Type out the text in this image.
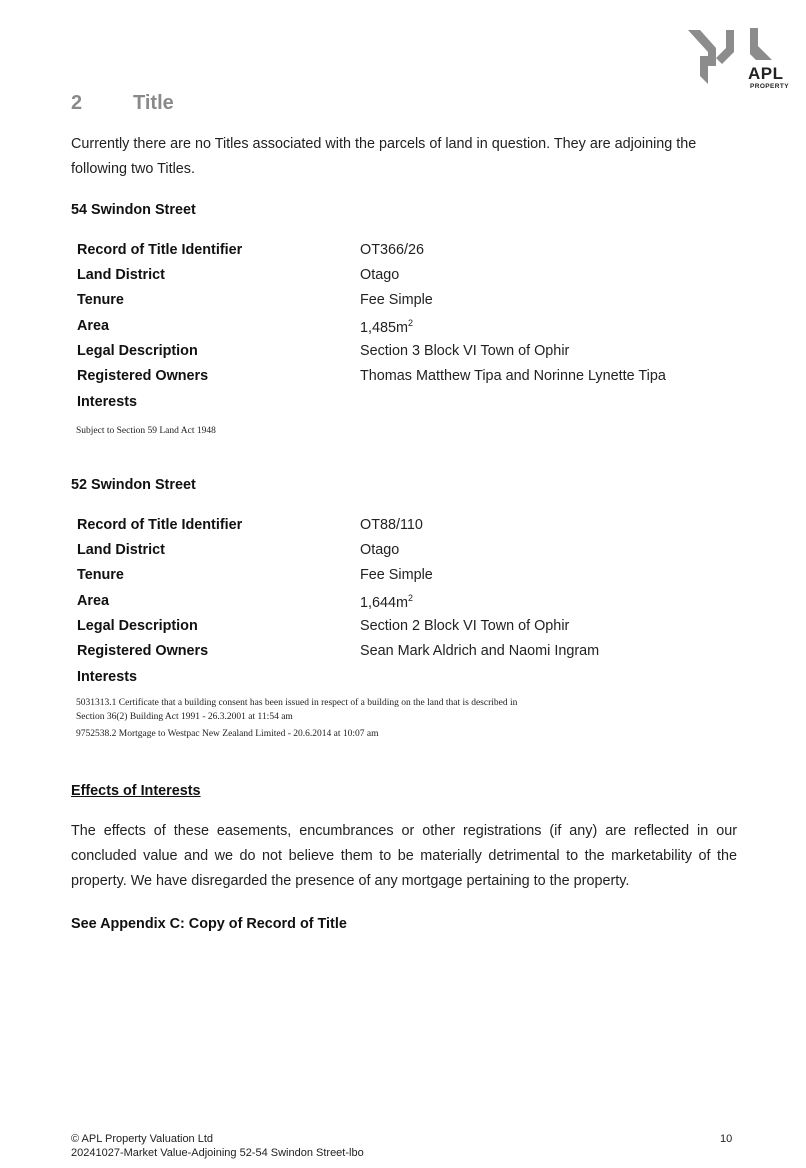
APL
PROPERTY
2	Title
Currently there are no Titles associated with the parcels of land in question. They are adjoining the following two Titles.
54 Swindon Street
Record of Title Identifier	OT366/26
Land District	Otago
Tenure	Fee Simple
Area	$1,485m^2$
Legal Description	Section 3 Block VI Town of Ophir
Registered Owners	Thomas Matthew Tipa and Norinne Lynette Tipa
Interests
Subject to Section 59 Land Act 1948
52 Swindon Street
Record of Title Identifier	OT88/110
Land District	Otago
Tenure	Fee Simple
Area	$1,644m^2$
Legal Description	Section 2 Block VI Town of Ophir
Registered Owners	Sean Mark Aldrich and Naomi Ingram
Interests
5031313.1 Certificate that a building consent has been issued in respect of a building on the land that is described in
Section 36(2) Building Act 1991 - 26.3.2001 at 11:54 am
9752538.2 Mortgage to Westpac New Zealand Limited - 20.6.2014 at 10:07 am
Effects of Interests
The effects of these easements, encumbrances or other registrations (if any) are reflected in our concluded value and we do not believe them to be materially detrimental to the marketability of the property. We have disregarded the presence of any mortgage pertaining to the property.
See Appendix C: Copy of Record of Title
© APL Property Valuation Ltd
20241027-Market Value-Adjoining 52-54 Swindon Street-lbo
10
